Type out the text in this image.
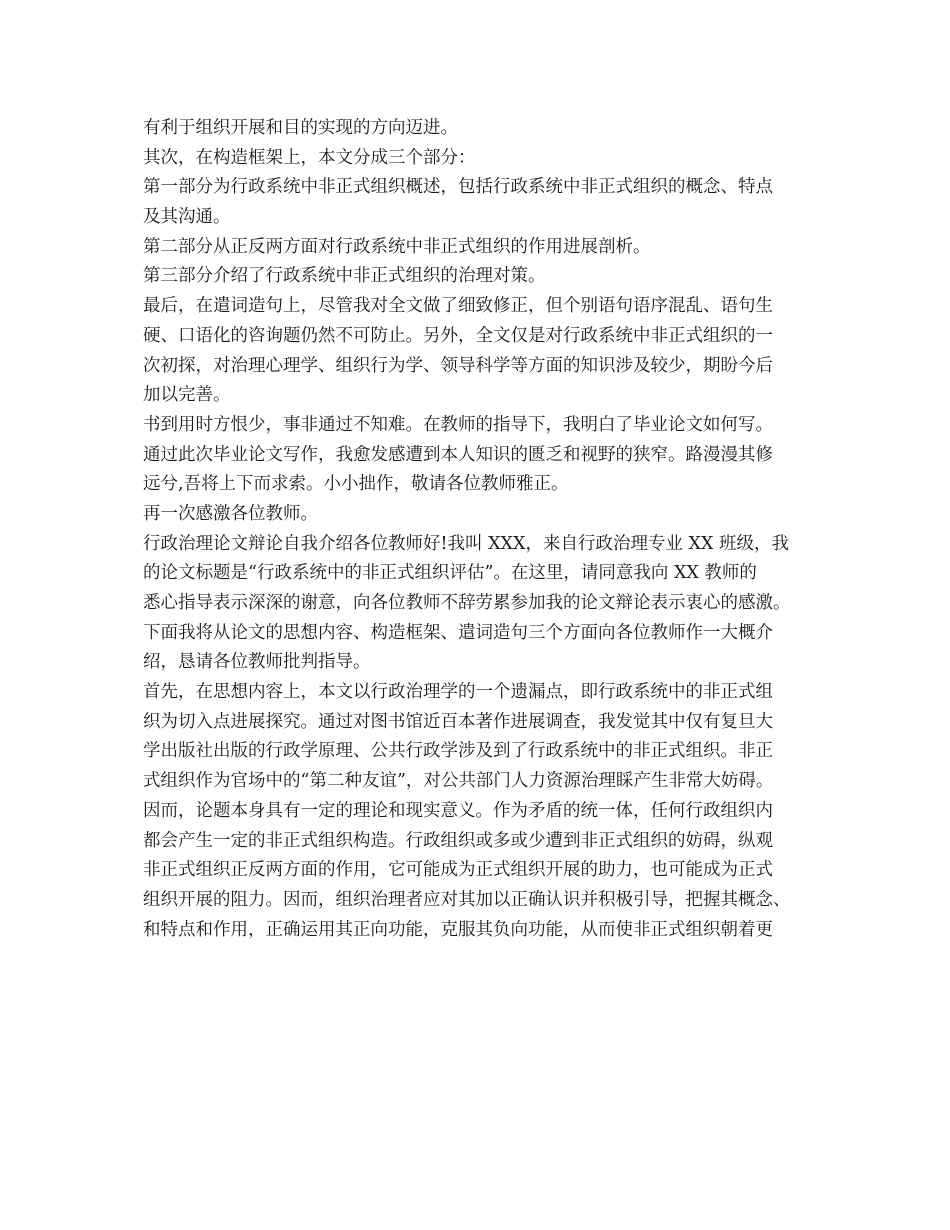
有利于组织开展和目的实现的方向迈进。
其次，在构造框架上，本文分成三个部分：
第一部分为行政系统中非正式组织概述，包括行政系统中非正式组织的概念、特点
及其沟通。
第二部分从正反两方面对行政系统中非正式组织的作用进展剖析。
第三部分介绍了行政系统中非正式组织的治理对策。
最后，在遣词造句上，尽管我对全文做了细致修正，但个别语句语序混乱、语句生
硬、口语化的咨询题仍然不可防止。另外，全文仅是对行政系统中非正式组织的一
次初探，对治理心理学、组织行为学、领导科学等方面的知识涉及较少，期盼今后
加以完善。
书到用时方恨少，事非通过不知难。在教师的指导下，我明白了毕业论文如何写。
通过此次毕业论文写作，我愈发感遭到本人知识的匮乏和视野的狭窄。路漫漫其修
远兮,吾将上下而求索。小小拙作，敬请各位教师雅正。
再一次感激各位教师。
行政治理论文辩论自我介绍各位教师好!我叫 XXX，来自行政治理专业 XX 班级，我
的论文标题是“行政系统中的非正式组织评估”。在这里，请同意我向 XX 教师的
悉心指导表示深深的谢意，向各位教师不辞劳累参加我的论文辩论表示衷心的感激。
下面我将从论文的思想内容、构造框架、遣词造句三个方面向各位教师作一大概介
绍，恳请各位教师批判指导。
首先，在思想内容上，本文以行政治理学的一个遗漏点，即行政系统中的非正式组
织为切入点进展探究。通过对图书馆近百本著作进展调查，我发觉其中仅有复旦大
学出版社出版的行政学原理、公共行政学涉及到了行政系统中的非正式组织。非正
式组织作为官场中的“第二种友谊”，对公共部门人力资源治理睬产生非常大妨碍。
因而，论题本身具有一定的理论和现实意义。作为矛盾的统一体，任何行政组织内
都会产生一定的非正式组织构造。行政组织或多或少遭到非正式组织的妨碍，纵观
非正式组织正反两方面的作用，它可能成为正式组织开展的助力，也可能成为正式
组织开展的阻力。因而，组织治理者应对其加以正确认识并积极引导，把握其概念、
和特点和作用，正确运用其正向功能，克服其负向功能，从而使非正式组织朝着更
